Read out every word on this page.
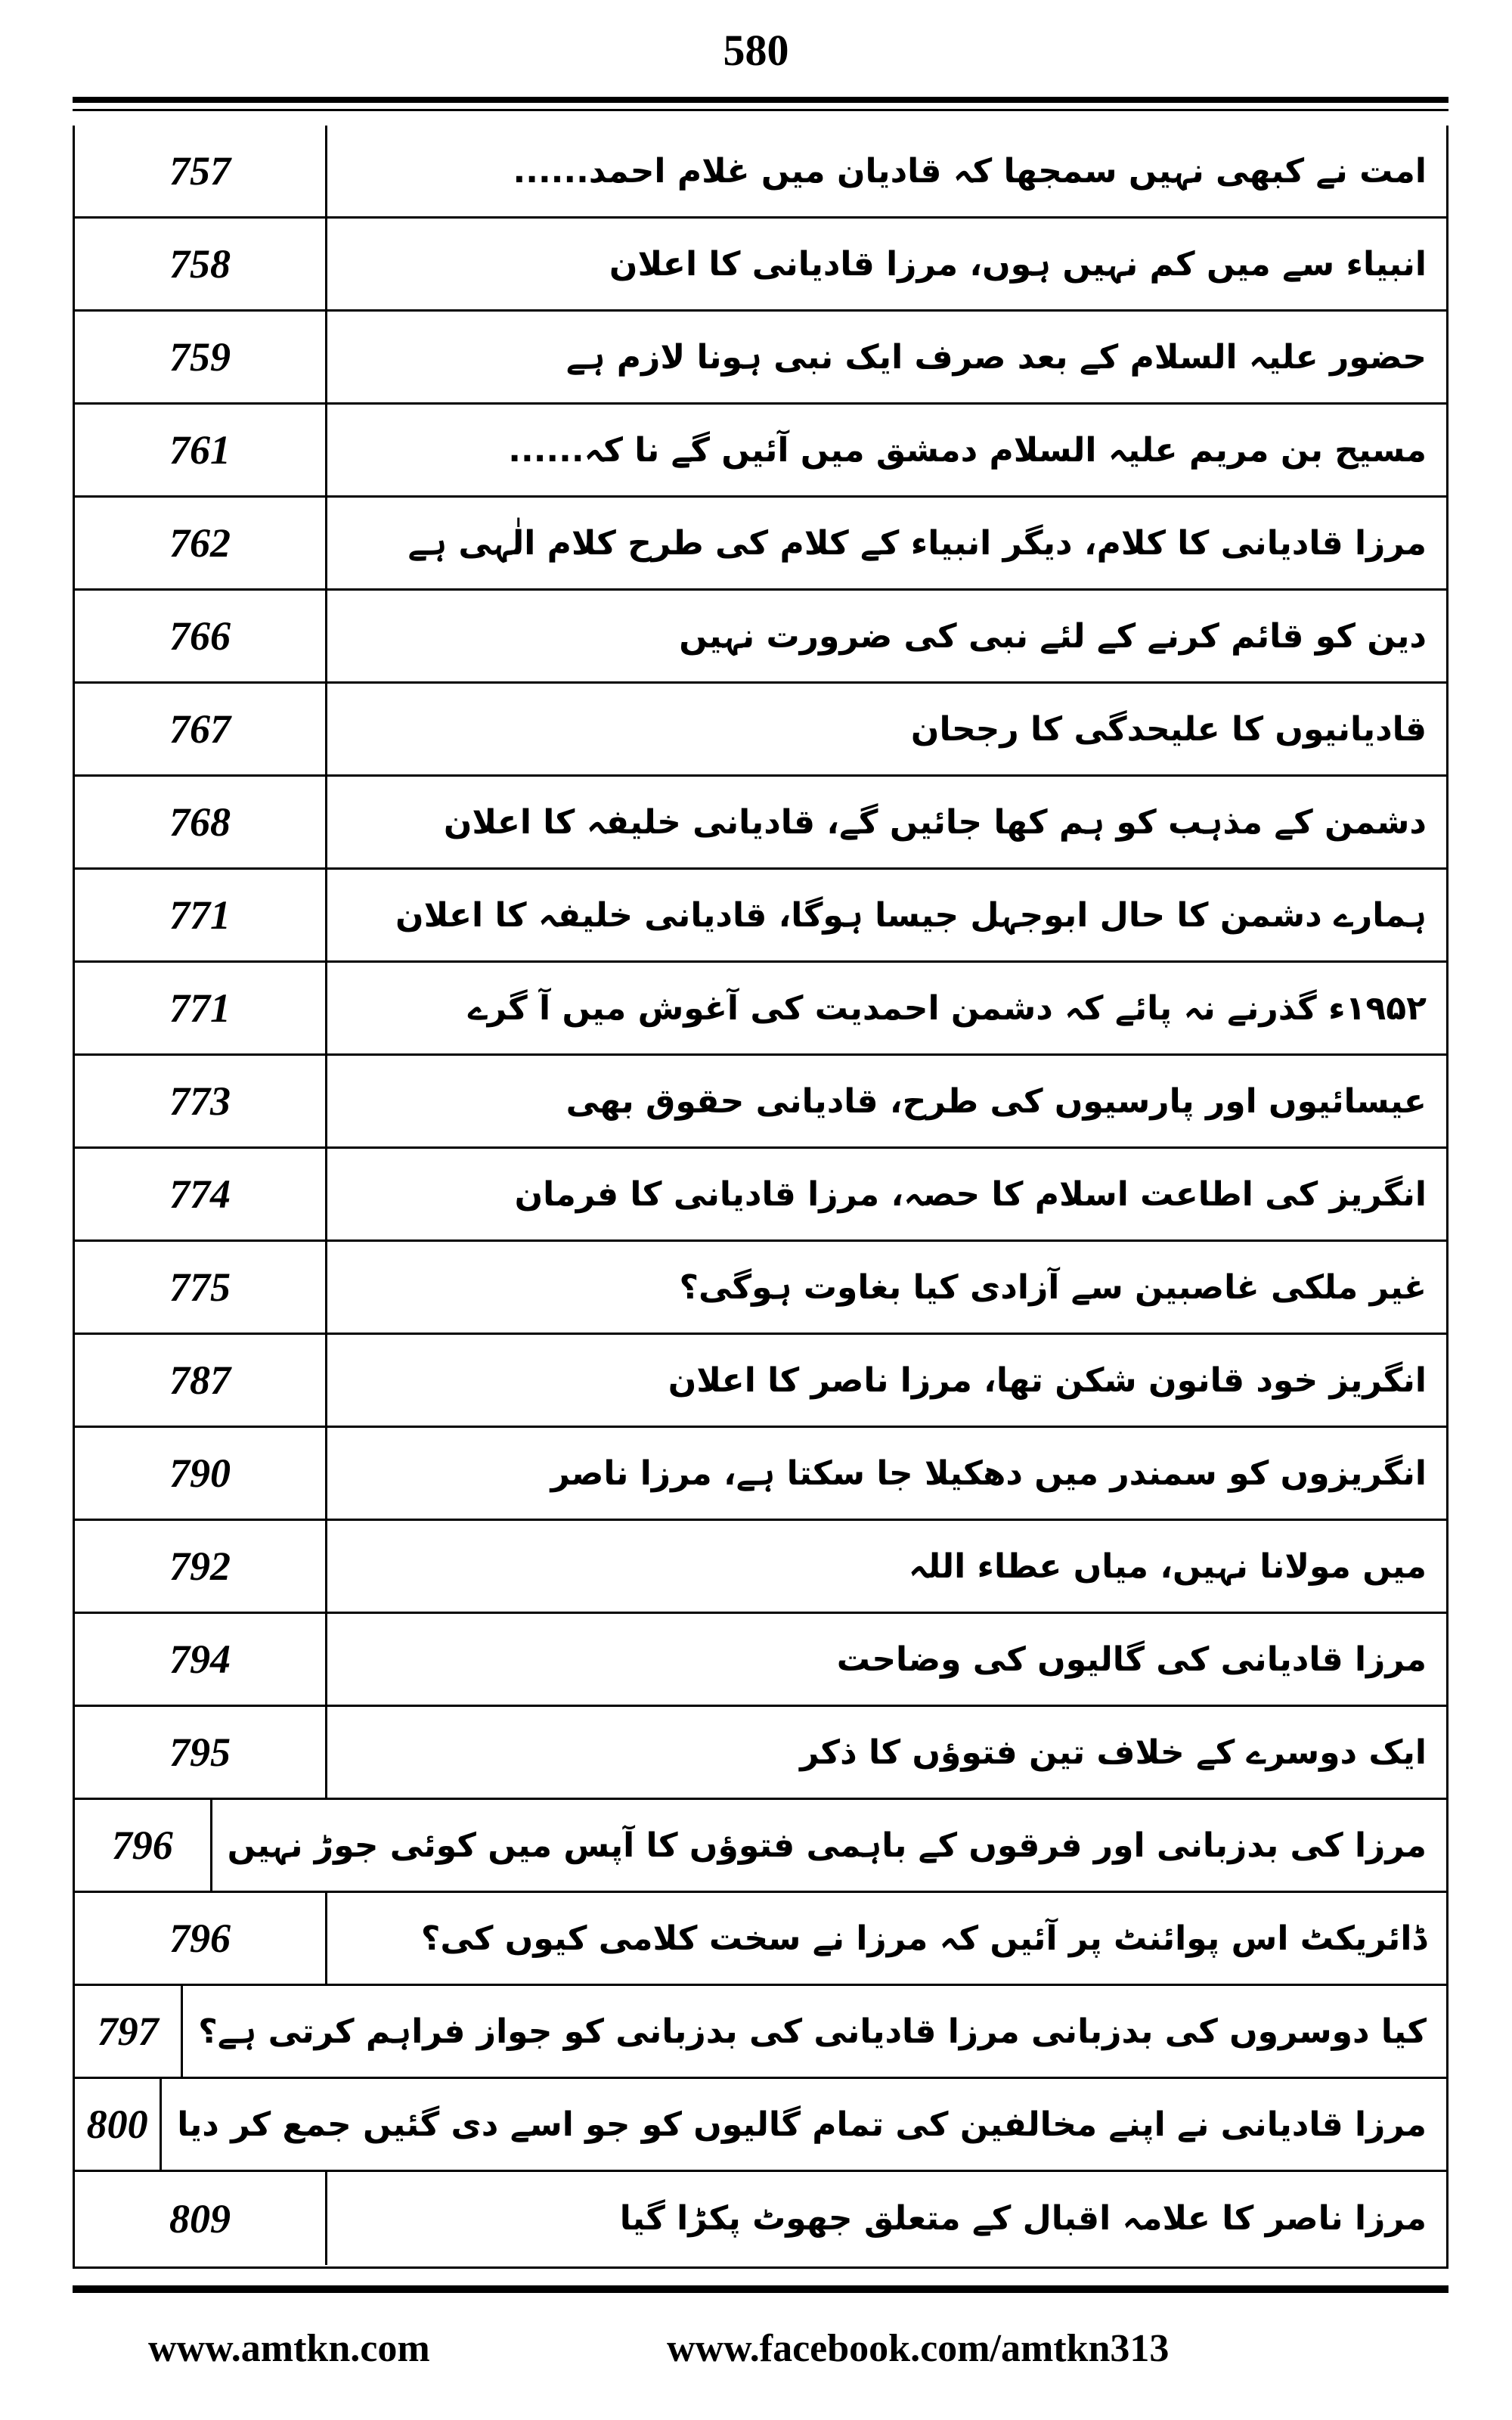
580
757	امت نے کبھی نہیں سمجھا کہ قادیان میں غلام احمد......
758	انبیاء سے میں کم نہیں ہوں، مرزا قادیانی کا اعلان
759	حضور علیہ السلام کے بعد صرف ایک نبی ہونا لازم ہے
761	مسیح بن مریم علیہ السلام دمشق میں آئیں گے نا کہ......
762	مرزا قادیانی کا کلام، دیگر انبیاء کے کلام کی طرح کلام الٰہی ہے
766	دین کو قائم کرنے کے لئے نبی کی ضرورت نہیں
767	قادیانیوں کا علیحدگی کا رجحان
768	دشمن کے مذہب کو ہم کھا جائیں گے، قادیانی خلیفہ کا اعلان
771	ہمارے دشمن کا حال ابوجہل جیسا ہوگا، قادیانی خلیفہ کا اعلان
771	۱۹۵۲ء گذرنے نہ پائے کہ دشمن احمدیت کی آغوش میں آ گرے
773	عیسائیوں اور پارسیوں کی طرح، قادیانی حقوق بھی
774	انگریز کی اطاعت اسلام کا حصہ، مرزا قادیانی کا فرمان
775	غیر ملکی غاصبین سے آزادی کیا بغاوت ہوگی؟
787	انگریز خود قانون شکن تھا، مرزا ناصر کا اعلان
790	انگریزوں کو سمندر میں دھکیلا جا سکتا ہے، مرزا ناصر
792	میں مولانا نہیں، میاں عطاء اللہ
794	مرزا قادیانی کی گالیوں کی وضاحت
795	ایک دوسرے کے خلاف تین فتوؤں کا ذکر
796	مرزا کی بدزبانی اور فرقوں کے باہمی فتوؤں کا آپس میں کوئی جوڑ نہیں
796	ڈائریکٹ اس پوائنٹ پر آئیں کہ مرزا نے سخت کلامی کیوں کی؟
797	کیا دوسروں کی بدزبانی مرزا قادیانی کی بدزبانی کو جواز فراہم کرتی ہے؟
800 مرزا قادیانی نے اپنے مخالفین کی تمام گالیوں کو جو اسے دی گئیں جمع کر دیا
809	مرزا ناصر کا علامہ اقبال کے متعلق جھوٹ پکڑا گیا
www.amtkn.com	www.facebook.com/amtkn313
